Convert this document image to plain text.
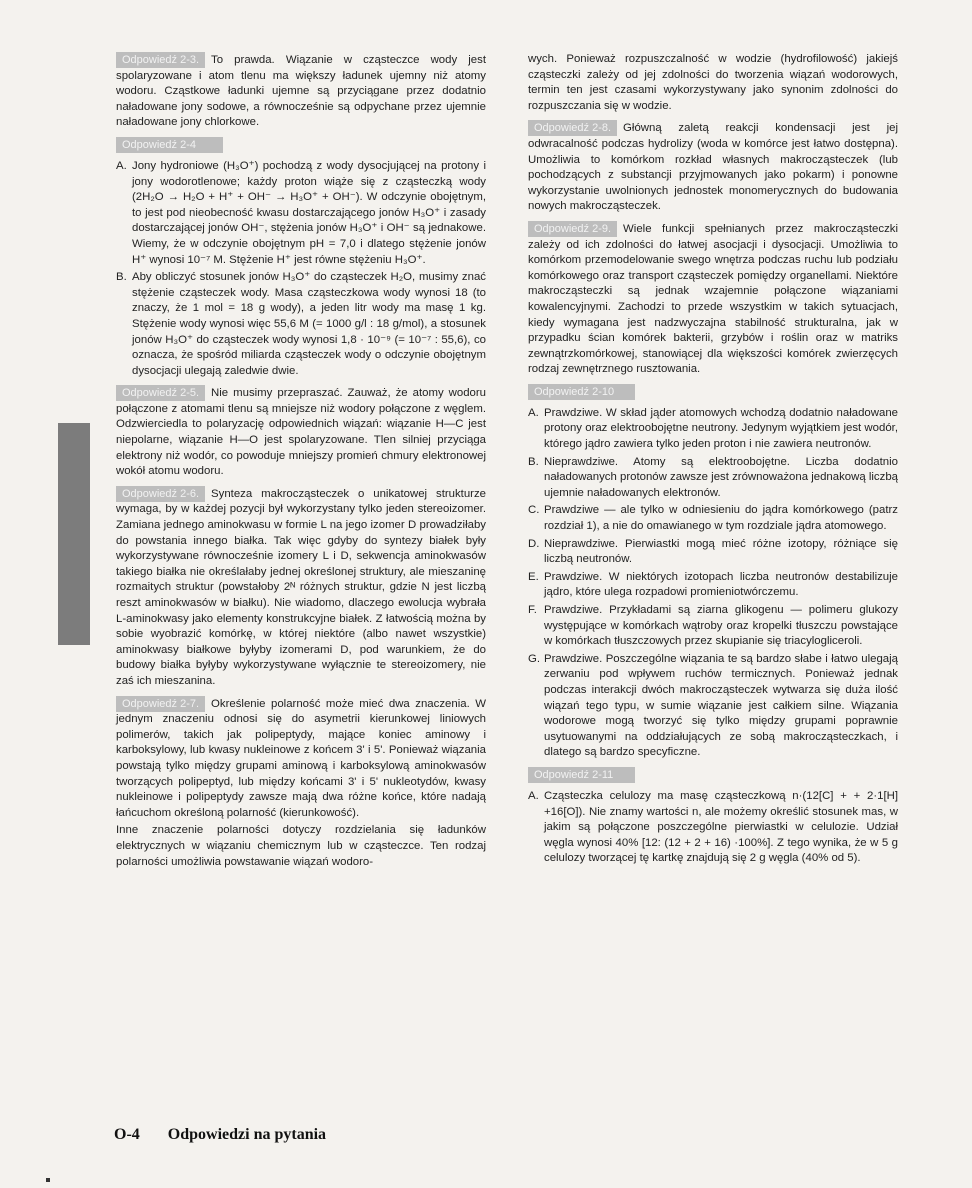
Odpowiedź 2-3. To prawda. Wiązanie w cząsteczce wody jest spolaryzowane i atom tlenu ma większy ładunek ujemny niż atomy wodoru. Cząstkowe ładunki ujemne są przyciągane przez dodatnio naładowane jony sodowe, a równocześnie są odpychane przez ujemnie naładowane jony chlorkowe.

Odpowiedź 2-4
A. Jony hydroniowe (H₃O⁺) pochodzą z wody dysocjującej na protony i jony wodorotlenowe; każdy proton wiąże się z cząsteczką wody (2H₂O → H₂O + H⁺ + OH⁻ → H₃O⁺ + OH⁻). W odczynie obojętnym, to jest pod nieobecność kwasu dostarczającego jonów H₃O⁺ i zasady dostarczającej jonów OH⁻, stężenia jonów H₃O⁺ i OH⁻ są jednakowe. Wiemy, że w odczynie obojętnym pH = 7,0 i dlatego stężenie jonów H⁺ wynosi 10⁻⁷ M. Stężenie H⁺ jest równe stężeniu H₃O⁺.
B. Aby obliczyć stosunek jonów H₃O⁺ do cząsteczek H₂O, musimy znać stężenie cząsteczek wody. Masa cząsteczkowa wody wynosi 18 (to znaczy, że 1 mol = 18 g wody), a jeden litr wody ma masę 1 kg. Stężenie wody wynosi więc 55,6 M (= 1000 g/l : 18 g/mol), a stosunek jonów H₃O⁺ do cząsteczek wody wynosi 1,8 · 10⁻⁹ (= 10⁻⁷ : 55,6), co oznacza, że spośród miliarda cząsteczek wody o odczynie obojętnym dysocjacji ulegają zaledwie dwie.

Odpowiedź 2-5. Nie musimy przepraszać. Zauważ, że atomy wodoru połączone z atomami tlenu są mniejsze niż wodory połączone z węglem. Odzwierciedla to polaryzację odpowiednich wiązań: wiązanie H—C jest niepolarne, wiązanie H—O jest spolaryzowane. Tlen silniej przyciąga elektrony niż wodór, co powoduje mniejszy promień chmury elektronowej wokół atomu wodoru.

Odpowiedź 2-6. Synteza makrocząsteczek o unikatowej strukturze wymaga, by w każdej pozycji był wykorzystany tylko jeden stereoizomer. Zamiana jednego aminokwasu w formie L na jego izomer D prowadziłaby do powstania innego białka. Tak więc gdyby do syntezy białek były wykorzystywane równocześnie izomery L i D, sekwencja aminokwasów takiego białka nie określałaby jednej określonej struktury, ale mieszaninę rozmaitych struktur (powstałoby 2ᴺ różnych struktur, gdzie N jest liczbą reszt aminokwasów w białku). Nie wiadomo, dlaczego ewolucja wybrała L-aminokwasy jako elementy konstrukcyjne białek. Z łatwością można by sobie wyobrazić komórkę, w której niektóre (albo nawet wszystkie) aminokwasy białkowe byłyby izomerami D, pod warunkiem, że do budowy białka byłyby wykorzystywane wyłącznie te stereoizomery, nie zaś ich mieszanina.

Odpowiedź 2-7. Określenie polarność może mieć dwa znaczenia. W jednym znaczeniu odnosi się do asymetrii kierunkowej liniowych polimerów, takich jak polipeptydy, mające koniec aminowy i karboksylowy, lub kwasy nukleinowe z końcem 3' i 5'. Ponieważ wiązania powstają tylko między grupami aminową i karboksylową aminokwasów tworzących polipeptyd, lub między końcami 3' i 5' nukleotydów, kwasy nukleinowe i polipeptydy zawsze mają dwa różne końce, które nadają łańcuchom określoną polarność (kierunkowość).

Inne znaczenie polarności dotyczy rozdzielania się ładunków elektrycznych w wiązaniu chemicznym lub w cząsteczce. Ten rodzaj polarności umożliwia powstawanie wiązań wodoro-

wych. Ponieważ rozpuszczalność w wodzie (hydrofilowość) jakiejś cząsteczki zależy od jej zdolności do tworzenia wiązań wodorowych, termin ten jest czasami wykorzystywany jako synonim zdolności do rozpuszczania się w wodzie.

Odpowiedź 2-8. Główną zaletą reakcji kondensacji jest jej odwracalność podczas hydrolizy (woda w komórce jest łatwo dostępna). Umożliwia to komórkom rozkład własnych makrocząsteczek (lub pochodzących z substancji przyjmowanych jako pokarm) i ponowne wykorzystanie uwolnionych jednostek monomerycznych do budowania nowych makrocząsteczek.

Odpowiedź 2-9. Wiele funkcji spełnianych przez makrocząsteczki zależy od ich zdolności do łatwej asocjacji i dysocjacji. Umożliwia to komórkom przemodelowanie swego wnętrza podczas ruchu lub podziału komórkowego oraz transport cząsteczek pomiędzy organellami. Niektóre makrocząsteczki są jednak wzajemnie połączone wiązaniami kowalencyjnymi. Zachodzi to przede wszystkim w takich sytuacjach, kiedy wymagana jest nadzwyczajna stabilność strukturalna, jak w przypadku ścian komórek bakterii, grzybów i roślin oraz w matriks zewnątrzkomórkowej, stanowiącej dla większości komórek zwierzęcych rodzaj zewnętrznego rusztowania.

Odpowiedź 2-10
A. Prawdziwe. W skład jąder atomowych wchodzą dodatnio naładowane protony oraz elektroobojętne neutrony. Jedynym wyjątkiem jest wodór, którego jądro zawiera tylko jeden proton i nie zawiera neutronów.
B. Nieprawdziwe. Atomy są elektroobojętne. Liczba dodatnio naładowanych protonów zawsze jest zrównoważona jednakową liczbą ujemnie naładowanych elektronów.
C. Prawdziwe — ale tylko w odniesieniu do jądra komórkowego (patrz rozdział 1), a nie do omawianego w tym rozdziale jądra atomowego.
D. Nieprawdziwe. Pierwiastki mogą mieć różne izotopy, różniące się liczbą neutronów.
E. Prawdziwe. W niektórych izotopach liczba neutronów destabilizuje jądro, które ulega rozpadowi promieniotwórczemu.
F. Prawdziwe. Przykładami są ziarna glikogenu — polimeru glukozy występujące w komórkach wątroby oraz kropelki tłuszczu powstające w komórkach tłuszczowych przez skupianie się triacylogliceroli.
G. Prawdziwe. Poszczególne wiązania te są bardzo słabe i łatwo ulegają zerwaniu pod wpływem ruchów termicznych. Ponieważ jednak podczas interakcji dwóch makrocząsteczek wytwarza się duża ilość wiązań tego typu, w sumie wiązanie jest całkiem silne. Wiązania wodorowe mogą tworzyć się tylko między grupami poprawnie usytuowanymi na oddziałujących ze sobą makrocząsteczkach, i dlatego są bardzo specyficzne.
Odpowiedź 2-11
A. Cząsteczka celulozy ma masę cząsteczkową n·(12[C] + + 2·1[H] +16[O]). Nie znamy wartości n, ale możemy określić stosunek mas, w jakim są połączone poszczególne pierwiastki w celulozie. Udział węgla wynosi 40% [12: (12 + 2 + 16) ·100%]. Z tego wynika, że w 5 g celulozy tworzącej tę kartkę znajdują się 2 g węgla (40% od 5).
O-4 Odpowiedzi na pytania
